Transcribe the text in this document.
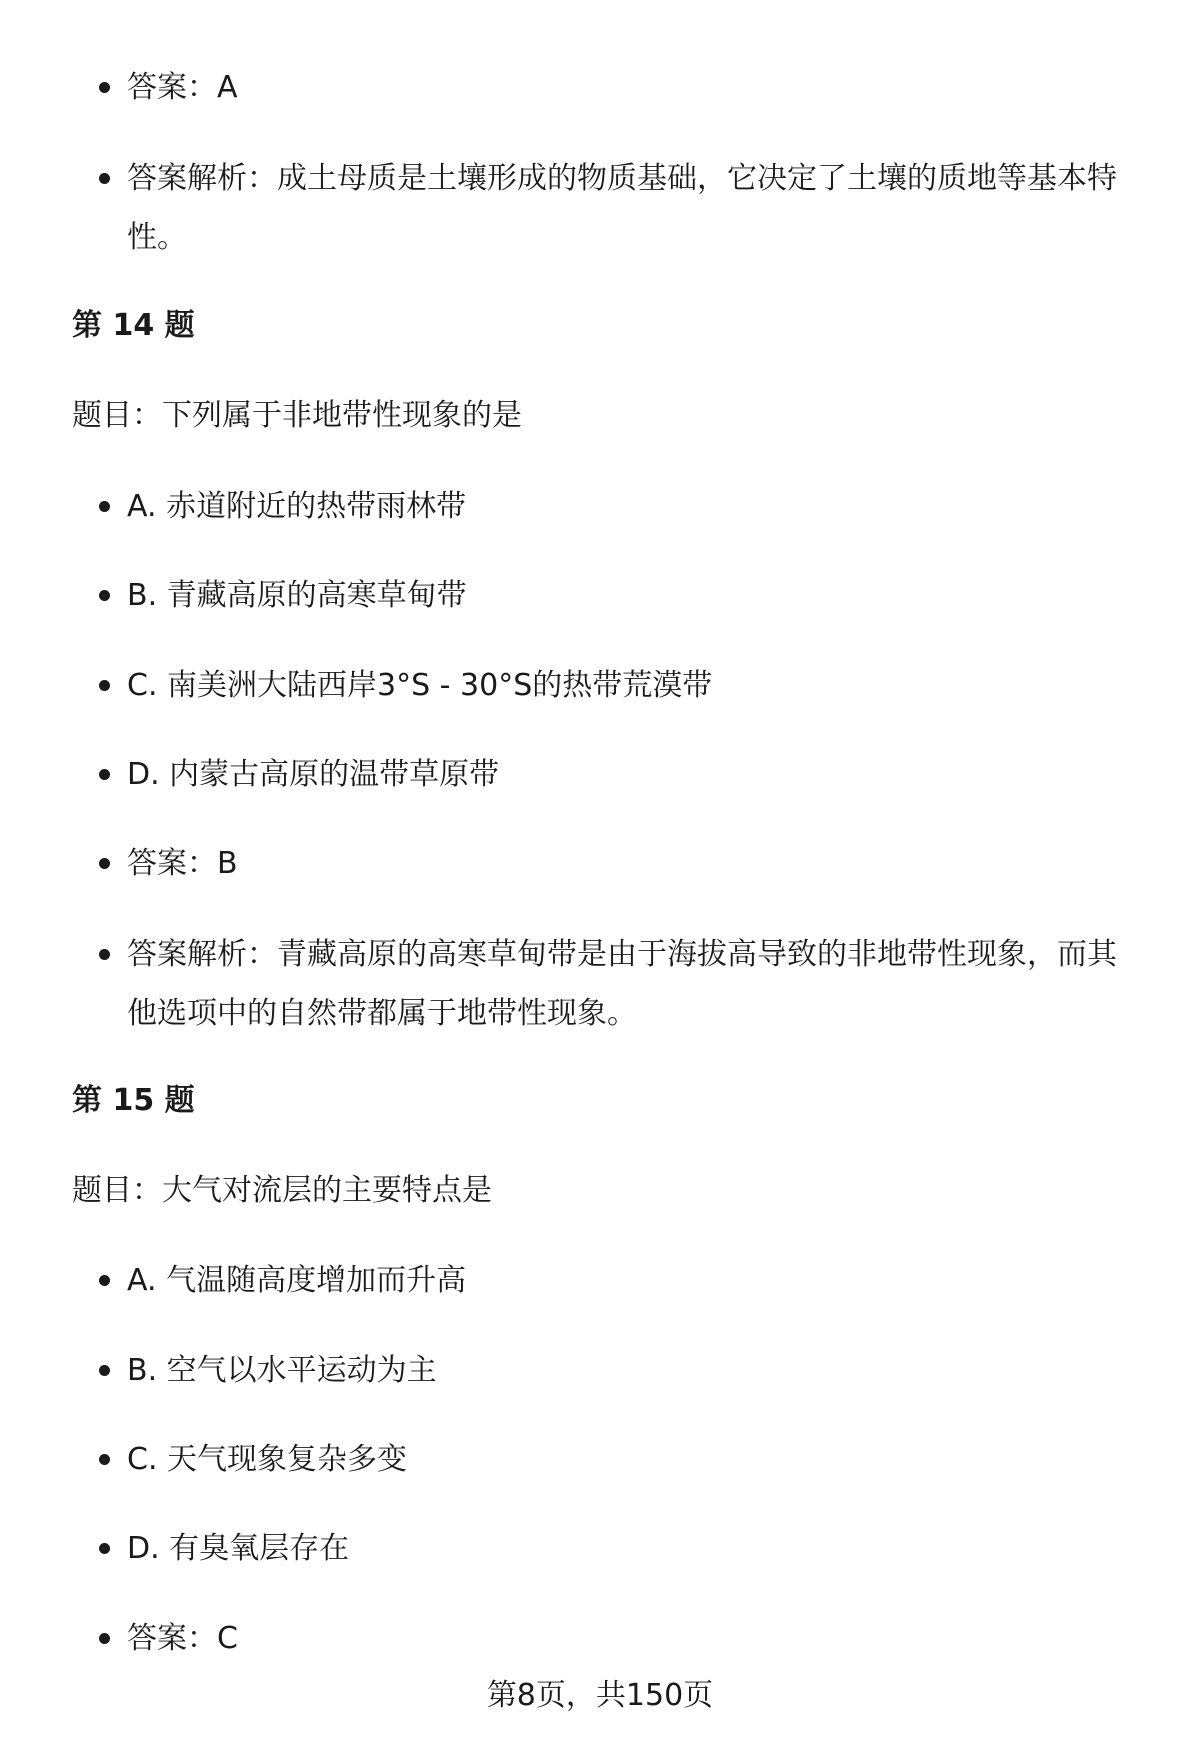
答案：A
答案解析：成土母质是土壤形成的物质基础，它决定了土壤的质地等基本特性。
第 14 题
题目：下列属于非地带性现象的是
A. 赤道附近的热带雨林带
B. 青藏高原的高寒草甸带
C. 南美洲大陆西岸3°S - 30°S的热带荒漠带
D. 内蒙古高原的温带草原带
答案：B
答案解析：青藏高原的高寒草甸带是由于海拔高导致的非地带性现象，而其他选项中的自然带都属于地带性现象。
第 15 题
题目：大气对流层的主要特点是
A. 气温随高度增加而升高
B. 空气以水平运动为主
C. 天气现象复杂多变
D. 有臭氧层存在
答案：C
第8页，共150页
